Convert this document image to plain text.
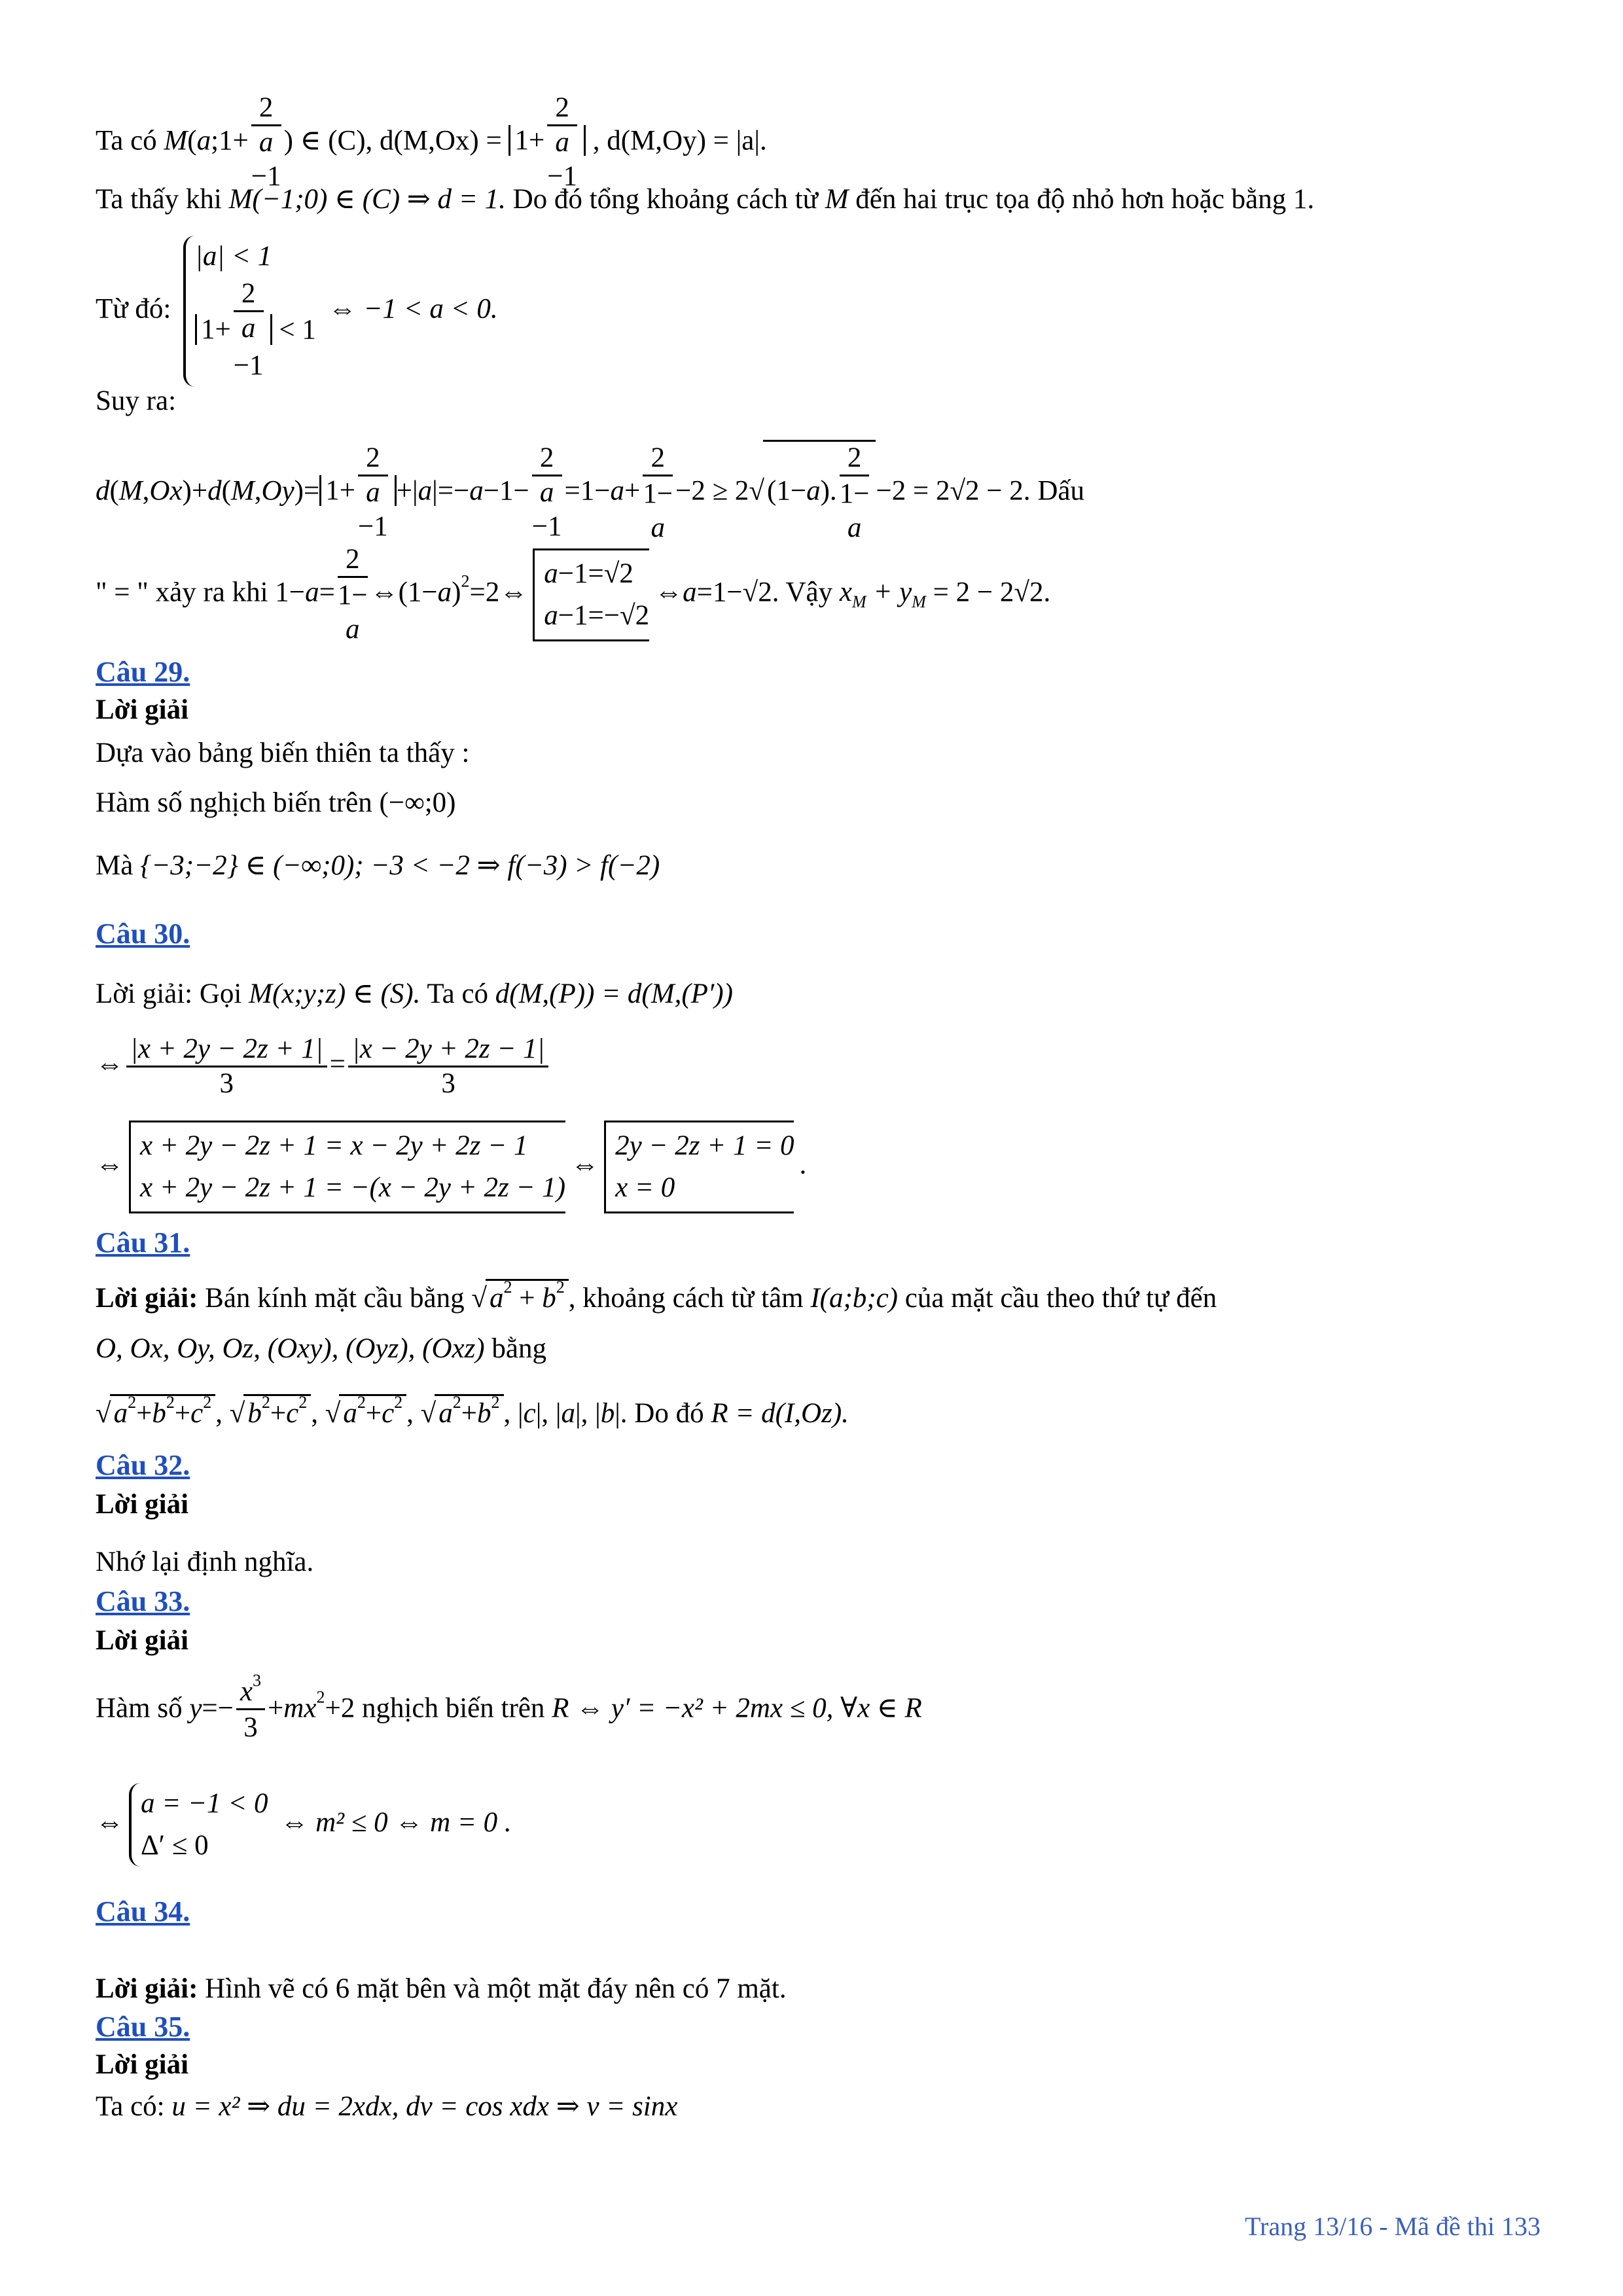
Ta có M(a;1+
2
a
−1) ∈ (C), d(M,Ox) = 1+
2
a
−1 , d(M,Oy) = |a|.
Ta thấy khi M(−1;0) ∈ (C) ⇒ d = 1. Do đó tổng khoảng cách từ M đến hai trục tọa độ nhỏ hơn hoặc bằng 1.
Từ đó:
|a| < 1
1+
2
a
−1 < 1
⇔ −1 < a < 0.
Suy ra:
d(M,Ox)+d(M,Oy)= 1+
2
a
−1+|a|=−a−1−
2
a
−1=1−a+
2
1−
a
−2 ≥ 2√(1−a).
2
1−
a
−2 = 2√2 − 2. Dấu
" = " xảy ra khi 1−a=
2
1−
a
$\Leftrightarrow(1-a)^2=2\Leftrightarrow$
a−1=√2
a−1=−√2
⇔a=1−√2. Vậy $x_M + y_M = 2 - 2√2$.
Câu 29.
Lời giải
Dựa vào bảng biến thiên ta thấy :
Hàm số nghịch biến trên (−∞;0)
Mà {−3;−2} ∈ (−∞;0); −3 < −2 ⇒ f(−3) > f(−2)
Câu 30.
Lời giải: Gọi M(x;y;z) ∈ (S). Ta có d(M,(P)) = d(M,(P′))
⇔ $\frac{|x + 2y - 2z + 1|}{3} = \frac{|x - 2y + 2z - 1|}{3}$
⇔
x + 2y − 2z + 1 = x − 2y + 2z − 1
x + 2y − 2z + 1 = −(x − 2y + 2z − 1)
⇔
2y − 2z + 1 = 0
x = 0
.
Câu 31.
Lời giải: Bán kính mặt cầu bằng $√a^2 + b^2$ , khoảng cách từ tâm I(a;b;c) của mặt cầu theo thứ tự đến
O, Ox, Oy, Oz, (Oxy), (Oyz), (Oxz) bằng
$√a^2+b^2+c^2$ , $√b^2+c^2$ , $√a^2+c^2$ , $√a^2+b^2$ , |c|, |a|, |b|. Do đó R = d(I,Oz).
Câu 32.
Lời giải
Nhớ lại định nghĩa.
Câu 33.
Lời giải
Hàm số y=−
$x^3$
$3+mx^2+2$ nghịch biến trên R ⇔ y′ = −x² + 2mx ≤ 0, ∀x ∈ R
⇔
a = −1 < 0
Δ′ ≤ 0
⇔ m² ≤ 0 ⇔ m = 0 .
Câu 34.
Lời giải: Hình vẽ có 6 mặt bên và một mặt đáy nên có 7 mặt.
Câu 35.
Lời giải
Ta có: u = x² ⇒ du = 2xdx, dv = cos xdx ⇒ v = sinx
Trang 13/16 - Mã đề thi 133
